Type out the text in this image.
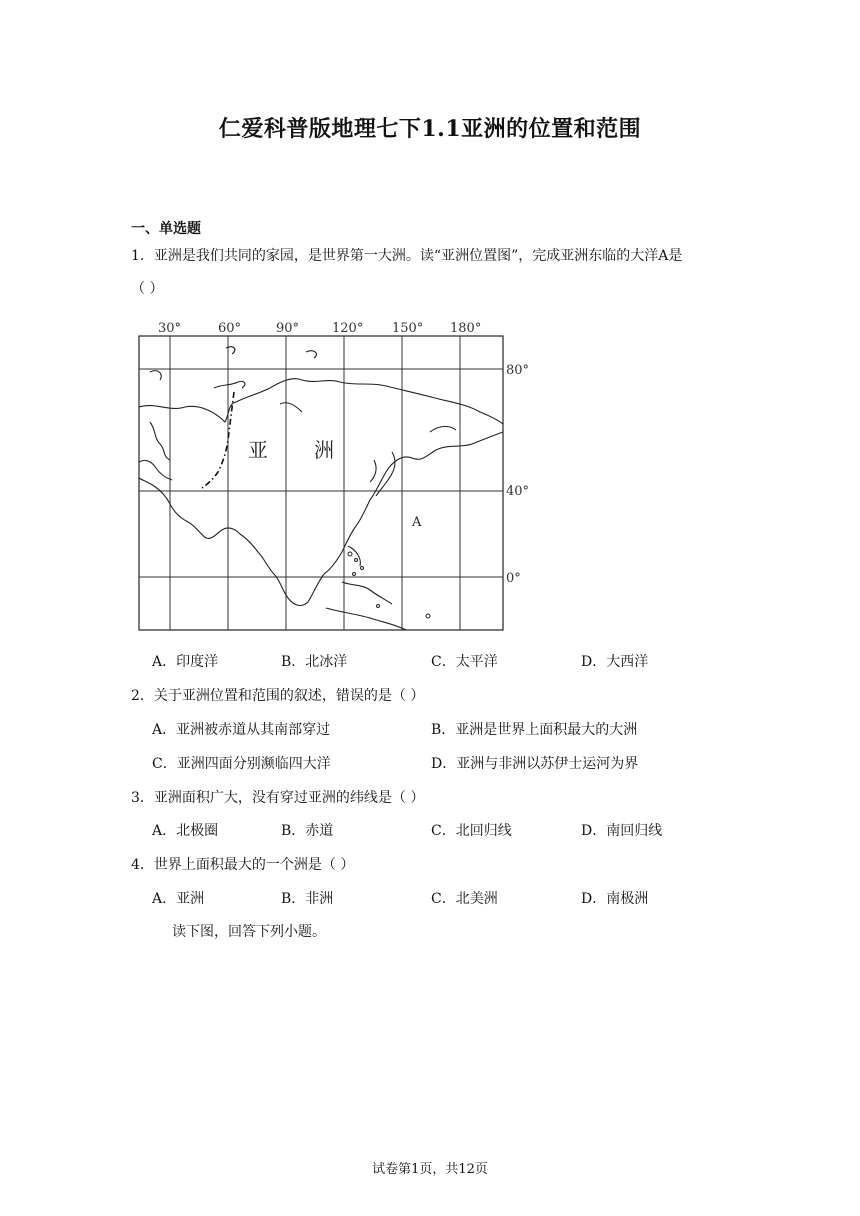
仁爱科普版地理七下1.1亚洲的位置和范围
一、单选题
1．亚洲是我们共同的家园，是世界第一大洲。读“亚洲位置图”，完成亚洲东临的大洋A是
（ ）
30°	60°	90°	120° 150° 180°
80°
40°
0°
亚 洲
A
A．印度洋	B．北冰洋	C．太平洋	D．大西洋
2．关于亚洲位置和范围的叙述，错误的是（ ）
A．亚洲被赤道从其南部穿过	B．亚洲是世界上面积最大的大洲
C．亚洲四面分别濒临四大洋	D．亚洲与非洲以苏伊士运河为界
3．亚洲面积广大，没有穿过亚洲的纬线是（ ）
A．北极圈	B．赤道	C．北回归线	D．南回归线
4．世界上面积最大的一个洲是（ ）
A．亚洲	B．非洲	C．北美洲	D．南极洲
读下图，回答下列小题。
试卷第1页，共12页
